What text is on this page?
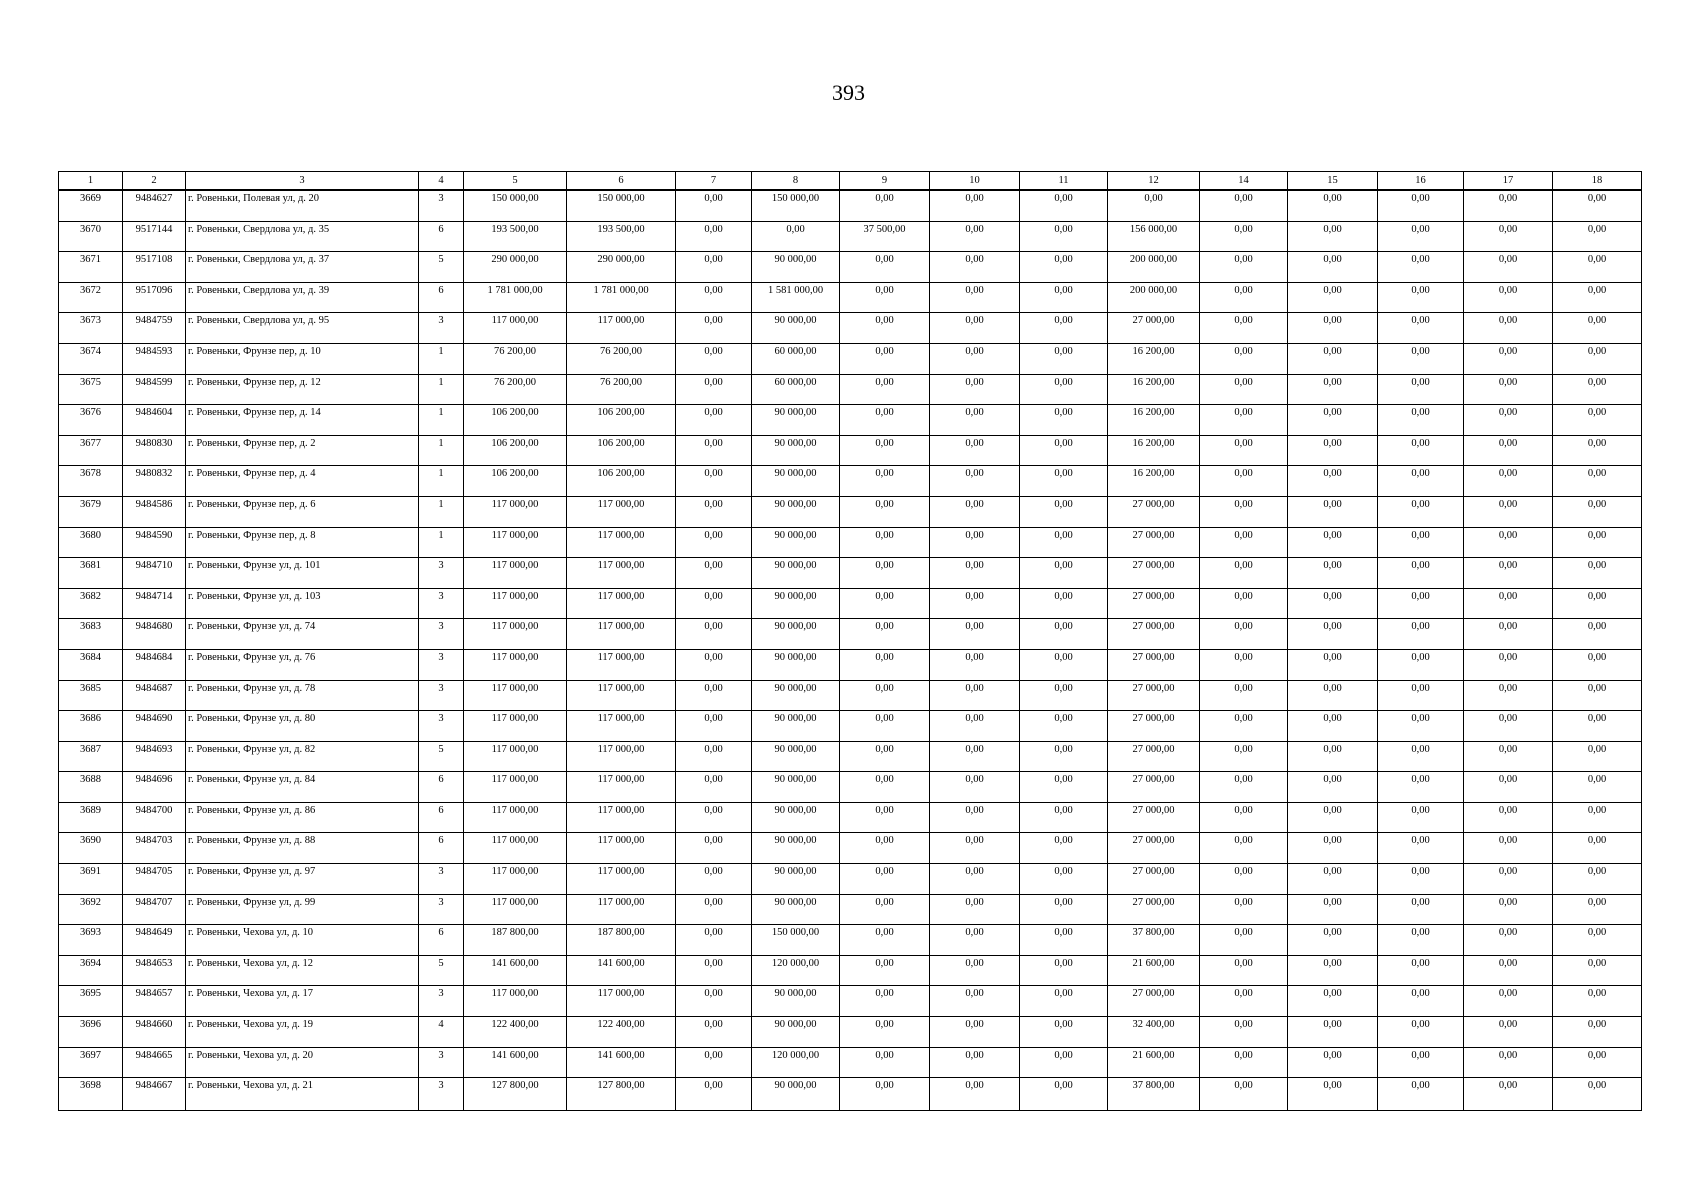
393
1	2	3	4	5	6	7	8	9	10	11	12	14	15	16	17	18
3669	9484627	г. Ровеньки, Полевая ул, д. 20	3	150 000,00	150 000,00	0,00	150 000,00	0,00	0,00	0,00	0,00	0,00	0,00	0,00	0,00	0,00
3670	9517144	г. Ровеньки, Свердлова ул, д. 35	6	193 500,00	193 500,00	0,00	0,00	37 500,00	0,00	0,00	156 000,00	0,00	0,00	0,00	0,00	0,00
3671	9517108	г. Ровеньки, Свердлова ул, д. 37	5	290 000,00	290 000,00	0,00	90 000,00	0,00	0,00	0,00	200 000,00	0,00	0,00	0,00	0,00	0,00
3672	9517096	г. Ровеньки, Свердлова ул, д. 39	6	1 781 000,00	1 781 000,00	0,00	1 581 000,00	0,00	0,00	0,00	200 000,00	0,00	0,00	0,00	0,00	0,00
3673	9484759	г. Ровеньки, Свердлова ул, д. 95	3	117 000,00	117 000,00	0,00	90 000,00	0,00	0,00	0,00	27 000,00	0,00	0,00	0,00	0,00	0,00
3674	9484593	г. Ровеньки, Фрунзе пер, д. 10	1	76 200,00	76 200,00	0,00	60 000,00	0,00	0,00	0,00	16 200,00	0,00	0,00	0,00	0,00	0,00
3675	9484599	г. Ровеньки, Фрунзе пер, д. 12	1	76 200,00	76 200,00	0,00	60 000,00	0,00	0,00	0,00	16 200,00	0,00	0,00	0,00	0,00	0,00
3676	9484604	г. Ровеньки, Фрунзе пер, д. 14	1	106 200,00	106 200,00	0,00	90 000,00	0,00	0,00	0,00	16 200,00	0,00	0,00	0,00	0,00	0,00
3677	9480830	г. Ровеньки, Фрунзе пер, д. 2	1	106 200,00	106 200,00	0,00	90 000,00	0,00	0,00	0,00	16 200,00	0,00	0,00	0,00	0,00	0,00
3678	9480832	г. Ровеньки, Фрунзе пер, д. 4	1	106 200,00	106 200,00	0,00	90 000,00	0,00	0,00	0,00	16 200,00	0,00	0,00	0,00	0,00	0,00
3679	9484586	г. Ровеньки, Фрунзе пер, д. 6	1	117 000,00	117 000,00	0,00	90 000,00	0,00	0,00	0,00	27 000,00	0,00	0,00	0,00	0,00	0,00
3680	9484590	г. Ровеньки, Фрунзе пер, д. 8	1	117 000,00	117 000,00	0,00	90 000,00	0,00	0,00	0,00	27 000,00	0,00	0,00	0,00	0,00	0,00
3681	9484710	г. Ровеньки, Фрунзе ул, д. 101	3	117 000,00	117 000,00	0,00	90 000,00	0,00	0,00	0,00	27 000,00	0,00	0,00	0,00	0,00	0,00
3682	9484714	г. Ровеньки, Фрунзе ул, д. 103	3	117 000,00	117 000,00	0,00	90 000,00	0,00	0,00	0,00	27 000,00	0,00	0,00	0,00	0,00	0,00
3683	9484680	г. Ровеньки, Фрунзе ул, д. 74	3	117 000,00	117 000,00	0,00	90 000,00	0,00	0,00	0,00	27 000,00	0,00	0,00	0,00	0,00	0,00
3684	9484684	г. Ровеньки, Фрунзе ул, д. 76	3	117 000,00	117 000,00	0,00	90 000,00	0,00	0,00	0,00	27 000,00	0,00	0,00	0,00	0,00	0,00
3685	9484687	г. Ровеньки, Фрунзе ул, д. 78	3	117 000,00	117 000,00	0,00	90 000,00	0,00	0,00	0,00	27 000,00	0,00	0,00	0,00	0,00	0,00
3686	9484690	г. Ровеньки, Фрунзе ул, д. 80	3	117 000,00	117 000,00	0,00	90 000,00	0,00	0,00	0,00	27 000,00	0,00	0,00	0,00	0,00	0,00
3687	9484693	г. Ровеньки, Фрунзе ул, д. 82	5	117 000,00	117 000,00	0,00	90 000,00	0,00	0,00	0,00	27 000,00	0,00	0,00	0,00	0,00	0,00
3688	9484696	г. Ровеньки, Фрунзе ул, д. 84	6	117 000,00	117 000,00	0,00	90 000,00	0,00	0,00	0,00	27 000,00	0,00	0,00	0,00	0,00	0,00
3689	9484700	г. Ровеньки, Фрунзе ул, д. 86	6	117 000,00	117 000,00	0,00	90 000,00	0,00	0,00	0,00	27 000,00	0,00	0,00	0,00	0,00	0,00
3690	9484703	г. Ровеньки, Фрунзе ул, д. 88	6	117 000,00	117 000,00	0,00	90 000,00	0,00	0,00	0,00	27 000,00	0,00	0,00	0,00	0,00	0,00
3691	9484705	г. Ровеньки, Фрунзе ул, д. 97	3	117 000,00	117 000,00	0,00	90 000,00	0,00	0,00	0,00	27 000,00	0,00	0,00	0,00	0,00	0,00
3692	9484707	г. Ровеньки, Фрунзе ул, д. 99	3	117 000,00	117 000,00	0,00	90 000,00	0,00	0,00	0,00	27 000,00	0,00	0,00	0,00	0,00	0,00
3693	9484649	г. Ровеньки, Чехова ул, д. 10	6	187 800,00	187 800,00	0,00	150 000,00	0,00	0,00	0,00	37 800,00	0,00	0,00	0,00	0,00	0,00
3694	9484653	г. Ровеньки, Чехова ул, д. 12	5	141 600,00	141 600,00	0,00	120 000,00	0,00	0,00	0,00	21 600,00	0,00	0,00	0,00	0,00	0,00
3695	9484657	г. Ровеньки, Чехова ул, д. 17	3	117 000,00	117 000,00	0,00	90 000,00	0,00	0,00	0,00	27 000,00	0,00	0,00	0,00	0,00	0,00
3696	9484660	г. Ровеньки, Чехова ул, д. 19	4	122 400,00	122 400,00	0,00	90 000,00	0,00	0,00	0,00	32 400,00	0,00	0,00	0,00	0,00	0,00
3697	9484665	г. Ровеньки, Чехова ул, д. 20	3	141 600,00	141 600,00	0,00	120 000,00	0,00	0,00	0,00	21 600,00	0,00	0,00	0,00	0,00	0,00
3698	9484667	г. Ровеньки, Чехова ул, д. 21	3	127 800,00	127 800,00	0,00	90 000,00	0,00	0,00	0,00	37 800,00	0,00	0,00	0,00	0,00	0,00
